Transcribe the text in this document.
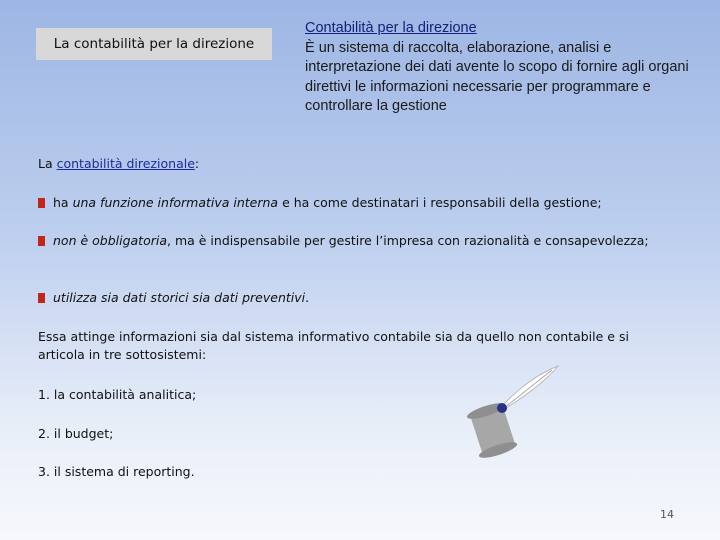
La contabilità per la direzione
Contabilità per la direzione
È un sistema di raccolta, elaborazione, analisi e interpretazione dei dati avente lo scopo di fornire agli organi direttivi le informazioni necessarie per programmare e controllare la gestione
La contabilità direzionale:
ha una funzione informativa interna e ha come destinatari i responsabili della gestione;
non è obbligatoria, ma è indispensabile per gestire l’impresa con razionalità e consapevolezza;
utilizza sia dati storici sia dati preventivi.
Essa attinge informazioni sia dal sistema informativo contabile sia da quello non contabile e si articola in tre sottosistemi:
1. la contabilità analitica;
2. il budget;
3. il sistema di reporting.
14
